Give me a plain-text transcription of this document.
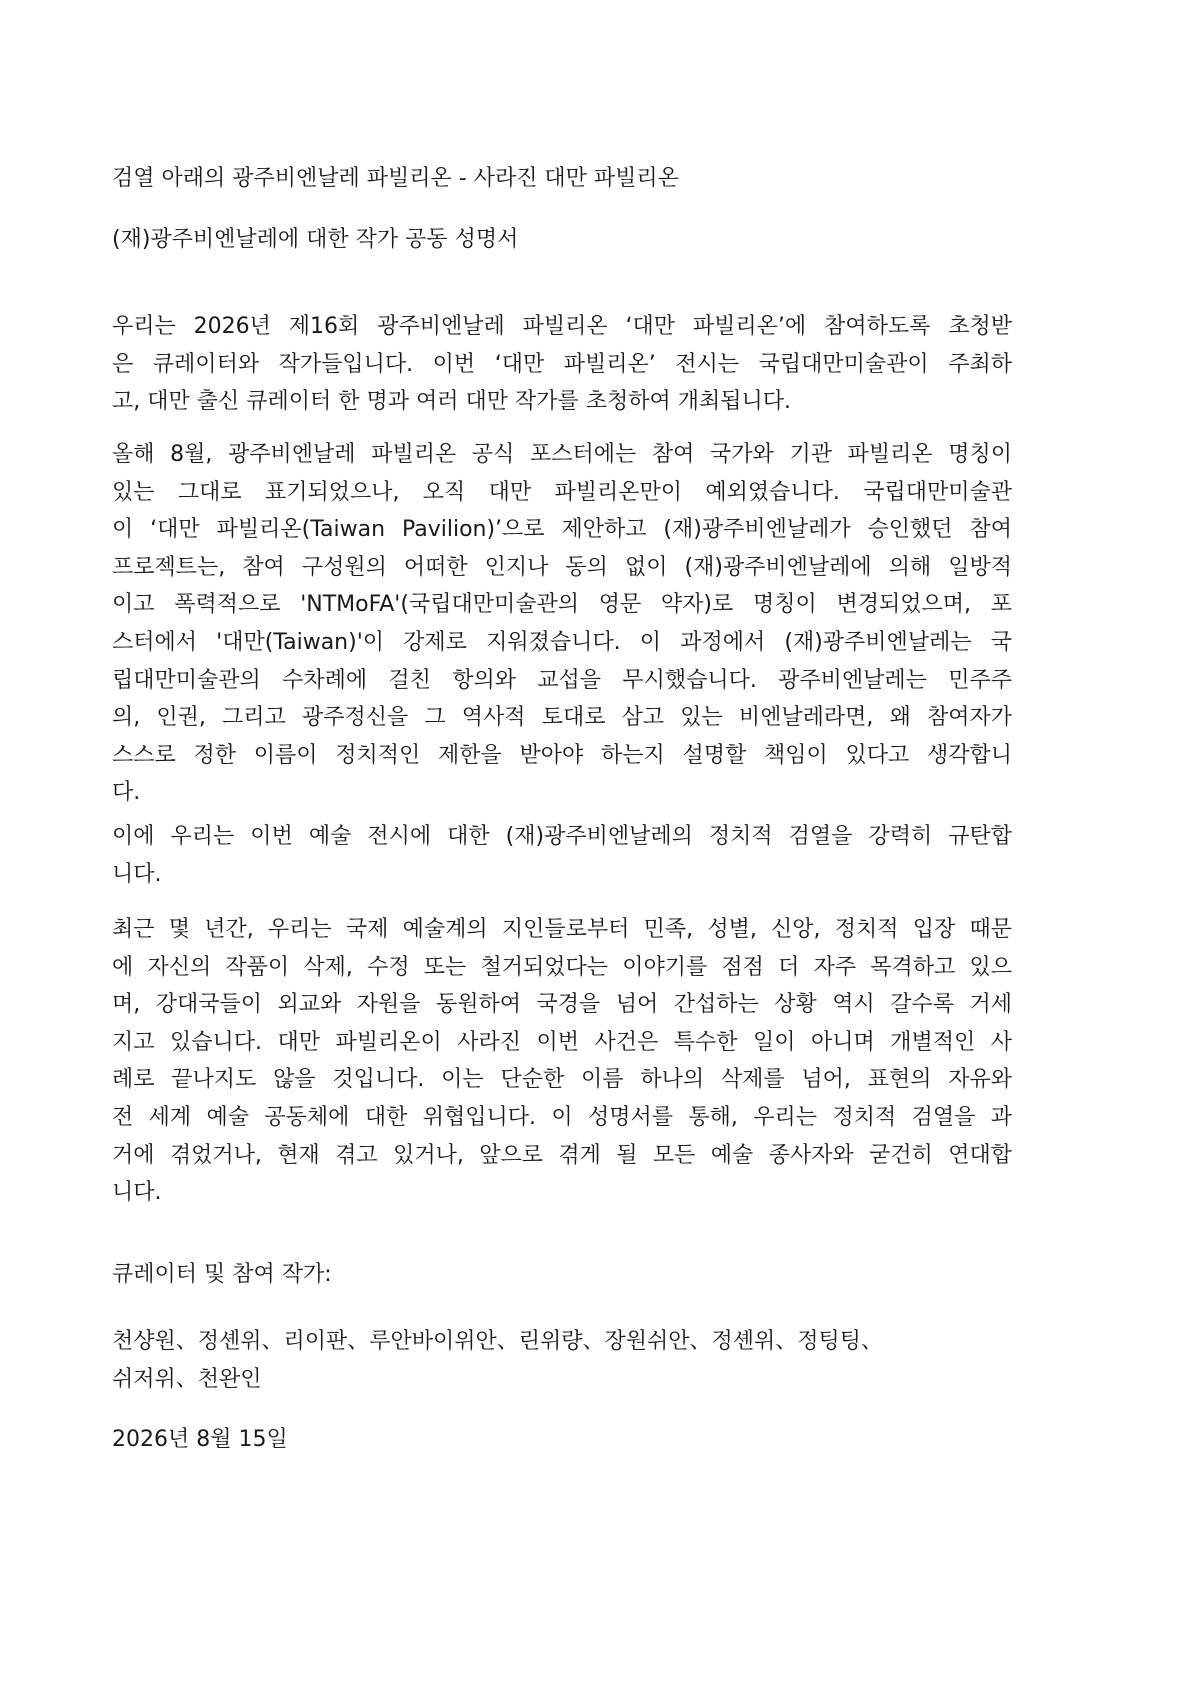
검열 아래의 광주비엔날레 파빌리온 - 사라진 대만 파빌리온

(재)광주비엔날레에 대한 작가 공동 성명서

우리는 2026년 제16회 광주비엔날레 파빌리온 ‘대만 파빌리온’에 참여하도록 초청받
은 큐레이터와 작가들입니다. 이번 ‘대만 파빌리온’ 전시는 국립대만미술관이 주최하
고, 대만 출신 큐레이터 한 명과 여러 대만 작가를 초청하여 개최됩니다.
올해 8월, 광주비엔날레 파빌리온 공식 포스터에는 참여 국가와 기관 파빌리온 명칭이
있는 그대로 표기되었으나, 오직 대만 파빌리온만이 예외였습니다. 국립대만미술관
이 ‘대만 파빌리온(Taiwan Pavilion)’으로 제안하고 (재)광주비엔날레가 승인했던 참여
프로젝트는, 참여 구성원의 어떠한 인지나 동의 없이 (재)광주비엔날레에 의해 일방적
이고 폭력적으로 'NTMoFA'(국립대만미술관의 영문 약자)로 명칭이 변경되었으며, 포
스터에서 '대만(Taiwan)'이 강제로 지워졌습니다. 이 과정에서 (재)광주비엔날레는 국
립대만미술관의 수차례에 걸친 항의와 교섭을 무시했습니다. 광주비엔날레는 민주주
의, 인권, 그리고 광주정신을 그 역사적 토대로 삼고 있는 비엔날레라면, 왜 참여자가
스스로 정한 이름이 정치적인 제한을 받아야 하는지 설명할 책임이 있다고 생각합니
다.
이에 우리는 이번 예술 전시에 대한 (재)광주비엔날레의 정치적 검열을 강력히 규탄합
니다.
최근 몇 년간, 우리는 국제 예술계의 지인들로부터 민족, 성별, 신앙, 정치적 입장 때문
에 자신의 작품이 삭제, 수정 또는 철거되었다는 이야기를 점점 더 자주 목격하고 있으
며, 강대국들이 외교와 자원을 동원하여 국경을 넘어 간섭하는 상황 역시 갈수록 거세
지고 있습니다. 대만 파빌리온이 사라진 이번 사건은 특수한 일이 아니며 개별적인 사
례로 끝나지도 않을 것입니다. 이는 단순한 이름 하나의 삭제를 넘어, 표현의 자유와
전 세계 예술 공동체에 대한 위협입니다. 이 성명서를 통해, 우리는 정치적 검열을 과
거에 겪었거나, 현재 겪고 있거나, 앞으로 겪게 될 모든 예술 종사자와 굳건히 연대합
니다.

큐레이터 및 참여 작가:

천샹원、정셴위、리이판、루안바이위안、린위량、장원쉬안、정셴위、정팅팅、
쉬저위、천완인

2026년 8월 15일
